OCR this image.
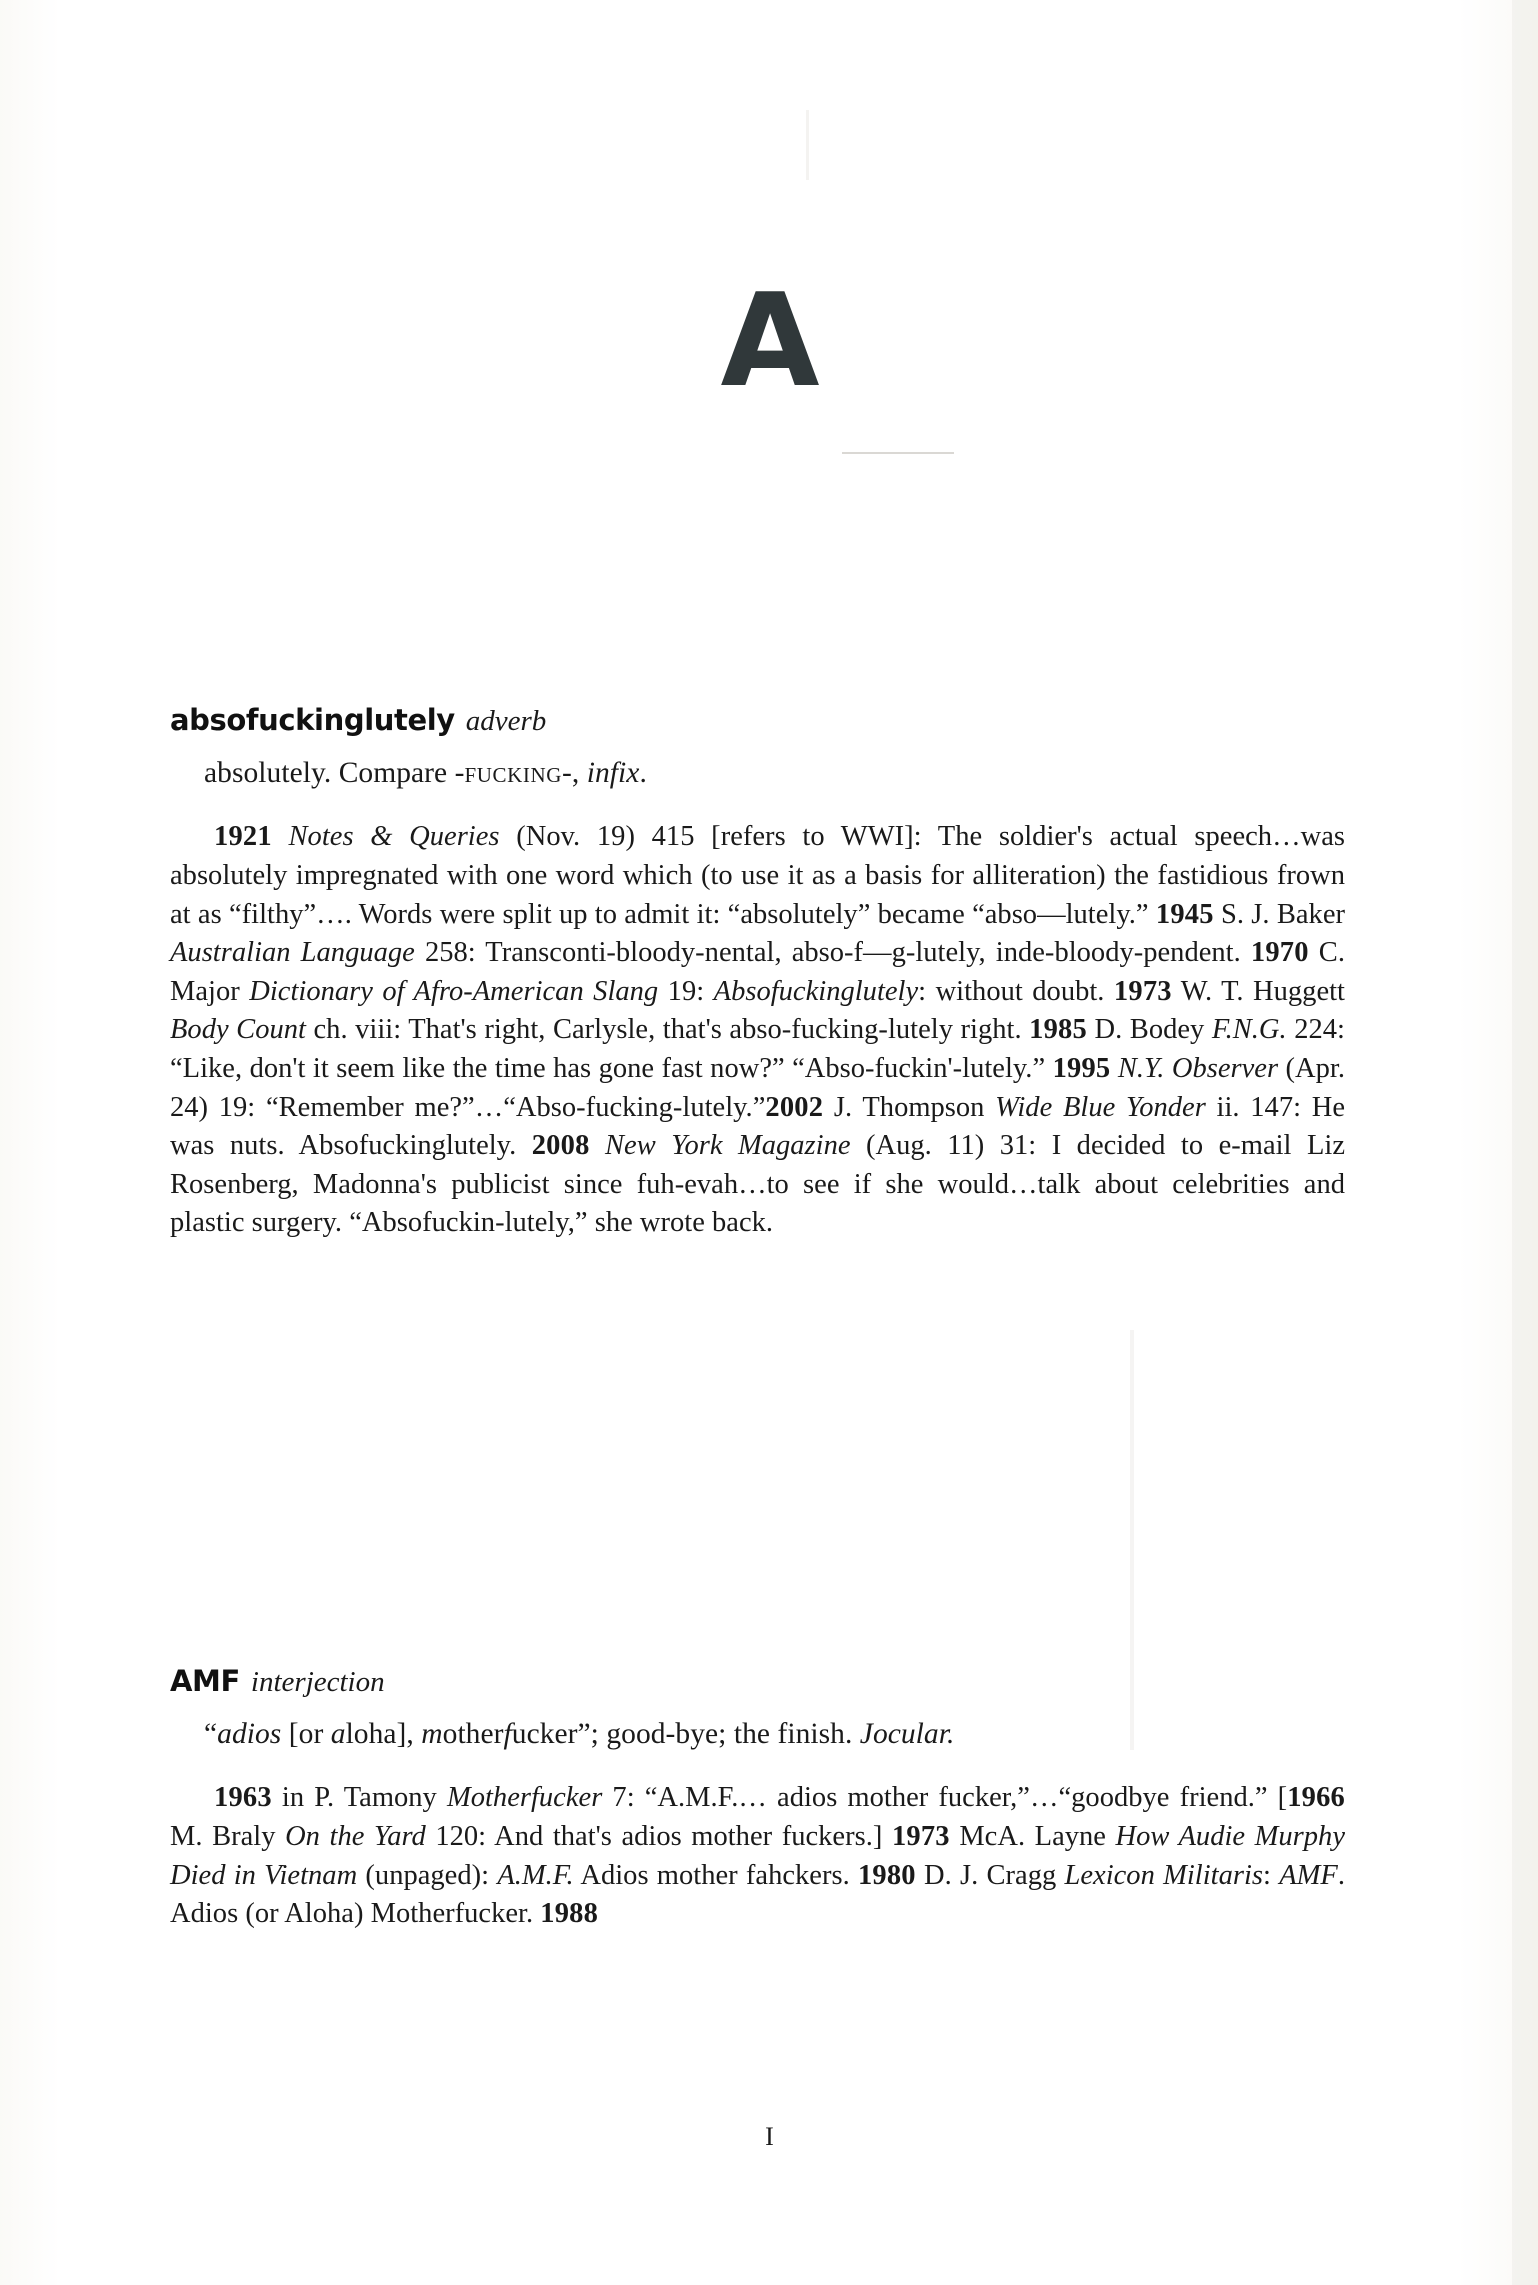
A

absofuckinglutely adverb

absolutely. Compare -fucking-, infix.

1921 Notes & Queries (Nov. 19) 415 [refers to WWI]: The soldier's actual speech…was absolutely impregnated with one word which (to use it as a basis for alliteration) the fastidious frown at as “filthy”…. Words were split up to admit it: “absolutely” became “abso—lutely.” 1945 S. J. Baker Australian Language 258: Transconti-bloody-nental, abso-f—g-lutely, inde-bloody-pendent. 1970 C. Major Dictionary of Afro-American Slang 19: Absofuckinglutely: without doubt. 1973 W. T. Huggett Body Count ch. viii: That's right, Carlysle, that's abso-fucking-lutely right. 1985 D. Bodey F.N.G. 224: “Like, don't it seem like the time has gone fast now?” “Abso-fuckin'-lutely.” 1995 N.Y. Observer (Apr. 24) 19: “Remember me?”…“Abso-fucking-lutely.”2002 J. Thompson Wide Blue Yonder ii. 147: He was nuts. Absofuckinglutely. 2008 New York Magazine (Aug. 11) 31: I decided to e-mail Liz Rosenberg, Madonna's publicist since fuh-evah…to see if she would…talk about celebrities and plastic surgery. “Absofuckin-lutely,” she wrote back.

AMF interjection

“adios [or aloha], motherfucker”; good-bye; the finish. Jocular.

1963 in P. Tamony Motherfucker 7: “A.M.F.… adios mother fucker,”…“goodbye friend.” [1966 M. Braly On the Yard 120: And that's adios mother fuckers.] 1973 McA. Layne How Audie Murphy Died in Vietnam (unpaged): A.M.F. Adios mother fahckers. 1980 D. J. Cragg Lexicon Militaris: AMF. Adios (or Aloha) Motherfucker. 1988

I
